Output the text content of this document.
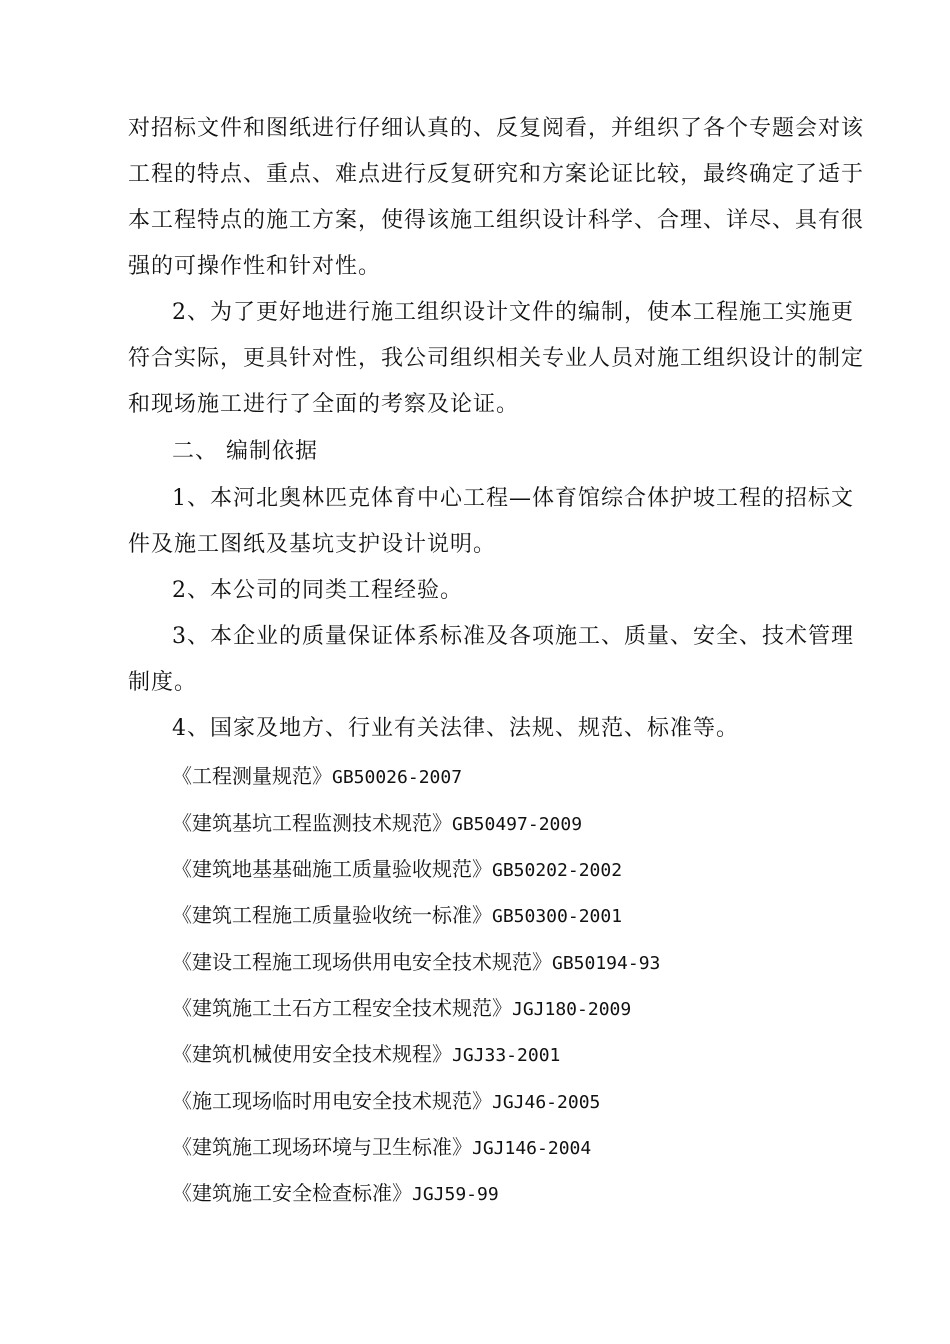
对招标文件和图纸进行仔细认真的、反复阅看，并组织了各个专题会对该
工程的特点、重点、难点进行反复研究和方案论证比较，最终确定了适于
本工程特点的施工方案，使得该施工组织设计科学、合理、详尽、具有很
强的可操作性和针对性。
2、为了更好地进行施工组织设计文件的编制，使本工程施工实施更
符合实际，更具针对性，我公司组织相关专业人员对施工组织设计的制定
和现场施工进行了全面的考察及论证。
二、 编制依据
1、本河北奥林匹克体育中心工程—体育馆综合体护坡工程的招标文
件及施工图纸及基坑支护设计说明。
2、本公司的同类工程经验。
3、本企业的质量保证体系标准及各项施工、质量、安全、技术管理
制度。
4、国家及地方、行业有关法律、法规、规范、标准等。
《工程测量规范》GB50026-2007
《建筑基坑工程监测技术规范》GB50497-2009
《建筑地基基础施工质量验收规范》GB50202-2002
《建筑工程施工质量验收统一标准》GB50300-2001
《建设工程施工现场供用电安全技术规范》GB50194-93
《建筑施工土石方工程安全技术规范》JGJ180-2009
《建筑机械使用安全技术规程》JGJ33-2001
《施工现场临时用电安全技术规范》JGJ46-2005
《建筑施工现场环境与卫生标准》JGJ146-2004
《建筑施工安全检查标准》JGJ59-99
